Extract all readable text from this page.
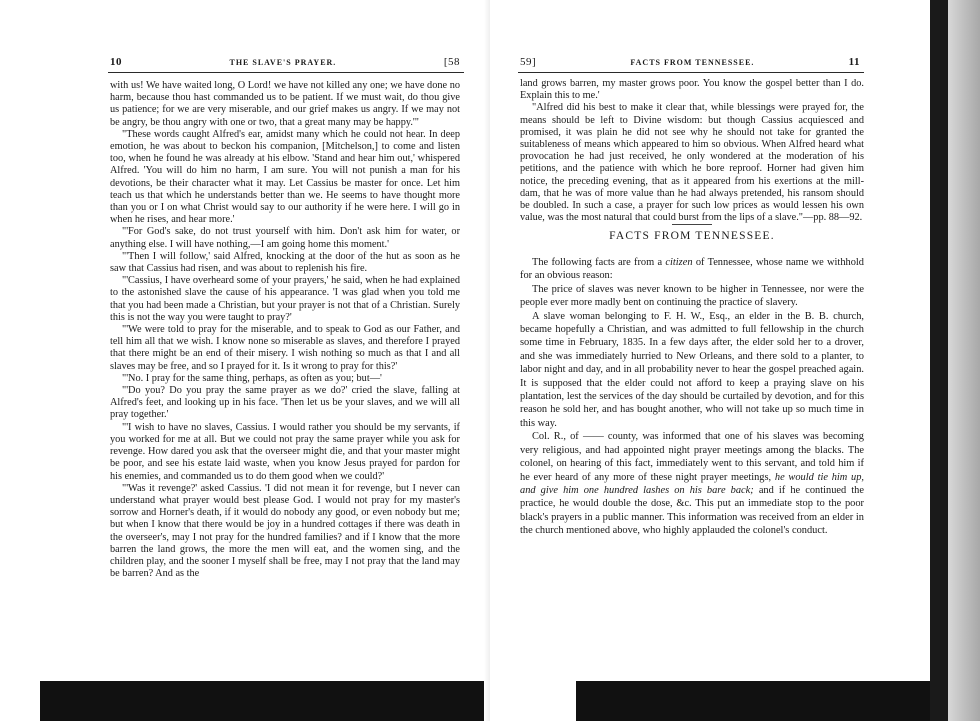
10	THE SLAVE'S PRAYER.	[58

with us! We have waited long, O Lord! we have not killed any one; we have done no harm, because thou hast commanded us to be patient. If we must wait, do thou give us patience; for we are very miserable, and our grief makes us angry. If we may not be angry, be thou angry with one or two, that a great many may be happy.'"

"These words caught Alfred's ear, amidst many which he could not hear. In deep emotion, he was about to beckon his companion, [Mitchelson,] to come and listen too, when he found he was already at his elbow. 'Stand and hear him out,' whispered Alfred. 'You will do him no harm, I am sure. You will not punish a man for his devotions, be their character what it may. Let Cassius be master for once. Let him teach us that which he understands better than we. He seems to have thought more than you or I on what Christ would say to our authority if he were here. I will go in when he rises, and hear more.'

"'For God's sake, do not trust yourself with him. Don't ask him for water, or anything else. I will have nothing,—I am going home this moment.'

"'Then I will follow,' said Alfred, knocking at the door of the hut as soon as he saw that Cassius had risen, and was about to replenish his fire.

"'Cassius, I have overheard some of your prayers,' he said, when he had explained to the astonished slave the cause of his appearance. 'I was glad when you told me that you had been made a Christian, but your prayer is not that of a Christian. Surely this is not the way you were taught to pray?'

"'We were told to pray for the miserable, and to speak to God as our Father, and tell him all that we wish. I know none so miserable as slaves, and therefore I prayed that there might be an end of their misery. I wish nothing so much as that I and all slaves may be free, and so I prayed for it. Is it wrong to pray for this?'

"'No. I pray for the same thing, perhaps, as often as you; but—'

"'Do you? Do you pray the same prayer as we do?' cried the slave, falling at Alfred's feet, and looking up in his face. 'Then let us be your slaves, and we will all pray together.'

"'I wish to have no slaves, Cassius. I would rather you should be my servants, if you worked for me at all. But we could not pray the same prayer while you ask for revenge. How dared you ask that the overseer might die, and that your master might be poor, and see his estate laid waste, when you know Jesus prayed for pardon for his enemies, and commanded us to do them good when we could?'

"'Was it revenge?' asked Cassius. 'I did not mean it for revenge, but I never can understand what prayer would best please God. I would not pray for my master's sorrow and Horner's death, if it would do nobody any good, or even nobody but me; but when I know that there would be joy in a hundred cottages if there was death in the overseer's, may I not pray for the hundred families? and if I know that the more barren the land grows, the more the men will eat, and the women sing, and the children play, and the sooner I myself shall be free, may I not pray that the land may be barren? And as the

59]	FACTS FROM TENNESSEE.	11

land grows barren, my master grows poor. You know the gospel better than I do. Explain this to me.'

"Alfred did his best to make it clear that, while blessings were prayed for, the means should be left to Divine wisdom: but though Cassius acquiesced and promised, it was plain he did not see why he should not take for granted the suitableness of means which appeared to him so obvious. When Alfred heard what provocation he had just received, he only wondered at the moderation of his petitions, and the patience with which he bore reproof. Horner had given him notice, the preceding evening, that as it appeared from his exertions at the mill-dam, that he was of more value than he had always pretended, his ransom should be doubled. In such a case, a prayer for such low prices as would lessen his own value, was the most natural that could burst from the lips of a slave."—pp. 88—92.

FACTS FROM TENNESSEE.

The following facts are from a citizen of Tennessee, whose name we withhold for an obvious reason:

The price of slaves was never known to be higher in Tennessee, nor were the people ever more madly bent on continuing the practice of slavery.

A slave woman belonging to F. H. W., Esq., an elder in the B. B. church, became hopefully a Christian, and was admitted to full fellowship in the church some time in February, 1835. In a few days after, the elder sold her to a drover, and she was immediately hurried to New Orleans, and there sold to a planter, to labor night and day, and in all probability never to hear the gospel preached again. It is supposed that the elder could not afford to keep a praying slave on his plantation, lest the services of the day should be curtailed by devotion, and for this reason he sold her, and has bought another, who will not take up so much time in this way.

Col. R., of —— county, was informed that one of his slaves was becoming very religious, and had appointed night prayer meetings among the blacks. The colonel, on hearing of this fact, immediately went to this servant, and told him if he ever heard of any more of these night prayer meetings, he would tie him up, and give him one hundred lashes on his bare back; and if he continued the practice, he would double the dose, &c. This put an immediate stop to the poor black's prayers in a public manner. This information was received from an elder in the church mentioned above, who highly applauded the colonel's conduct.
